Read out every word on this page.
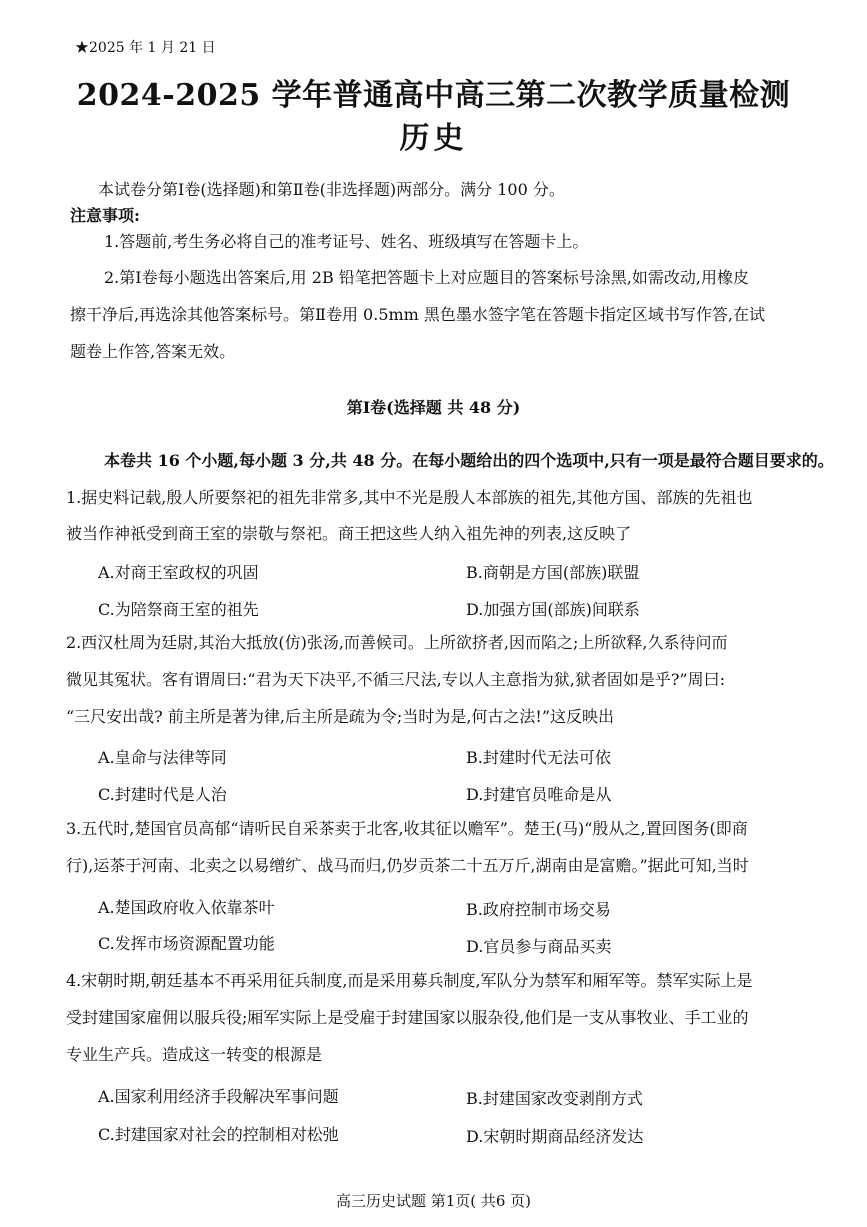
★2025 年 1 月 21 日
2024-2025 学年普通高中高三第二次教学质量检测
历史
本试卷分第Ⅰ卷(选择题)和第Ⅱ卷(非选择题)两部分。满分 100 分。
注意事项:
1.答题前,考生务必将自己的准考证号、姓名、班级填写在答题卡上。
2.第Ⅰ卷每小题选出答案后,用 2B 铅笔把答题卡上对应题目的答案标号涂黑,如需改动,用橡皮
擦干净后,再选涂其他答案标号。第Ⅱ卷用 0.5mm 黑色墨水签字笔在答题卡指定区域书写作答,在试
题卷上作答,答案无效。
第Ⅰ卷(选择题 共 48 分)
本卷共 16 个小题,每小题 3 分,共 48 分。在每小题给出的四个选项中,只有一项是最符合题目要求的。
1.据史料记载,殷人所要祭祀的祖先非常多,其中不光是殷人本部族的祖先,其他方国、部族的先祖也
被当作神祇受到商王室的崇敬与祭祀。商王把这些人纳入祖先神的列表,这反映了
A.对商王室政权的巩固	B.商朝是方国(部族)联盟
C.为陪祭商王室的祖先	D.加强方国(部族)间联系
2.西汉杜周为廷尉,其治大抵放(仿)张汤,而善候司。上所欲挤者,因而陷之;上所欲释,久系待问而
微见其冤状。客有谓周曰:“君为天下决平,不循三尺法,专以人主意指为狱,狱者固如是乎?”周曰:
“三尺安出哉? 前主所是著为律,后主所是疏为令;当时为是,何古之法!”这反映出
A.皇命与法律等同	B.封建时代无法可依
C.封建时代是人治	D.封建官员唯命是从
3.五代时,楚国官员高郁“请听民自采茶卖于北客,收其征以赡军”。楚王(马)“殷从之,置回图务(即商
行),运茶于河南、北卖之以易缯纩、战马而归,仍岁贡茶二十五万斤,湖南由是富赡。”据此可知,当时
A.楚国政府收入依靠茶叶	B.政府控制市场交易
C.发挥市场资源配置功能	D.官员参与商品买卖
4.宋朝时期,朝廷基本不再采用征兵制度,而是采用募兵制度,军队分为禁军和厢军等。禁军实际上是
受封建国家雇佣以服兵役;厢军实际上是受雇于封建国家以服杂役,他们是一支从事牧业、手工业的
专业生产兵。造成这一转变的根源是
A.国家利用经济手段解决军事问题	B.封建国家改变剥削方式
C.封建国家对社会的控制相对松弛	D.宋朝时期商品经济发达
高三历史试题 第1页( 共6 页)
